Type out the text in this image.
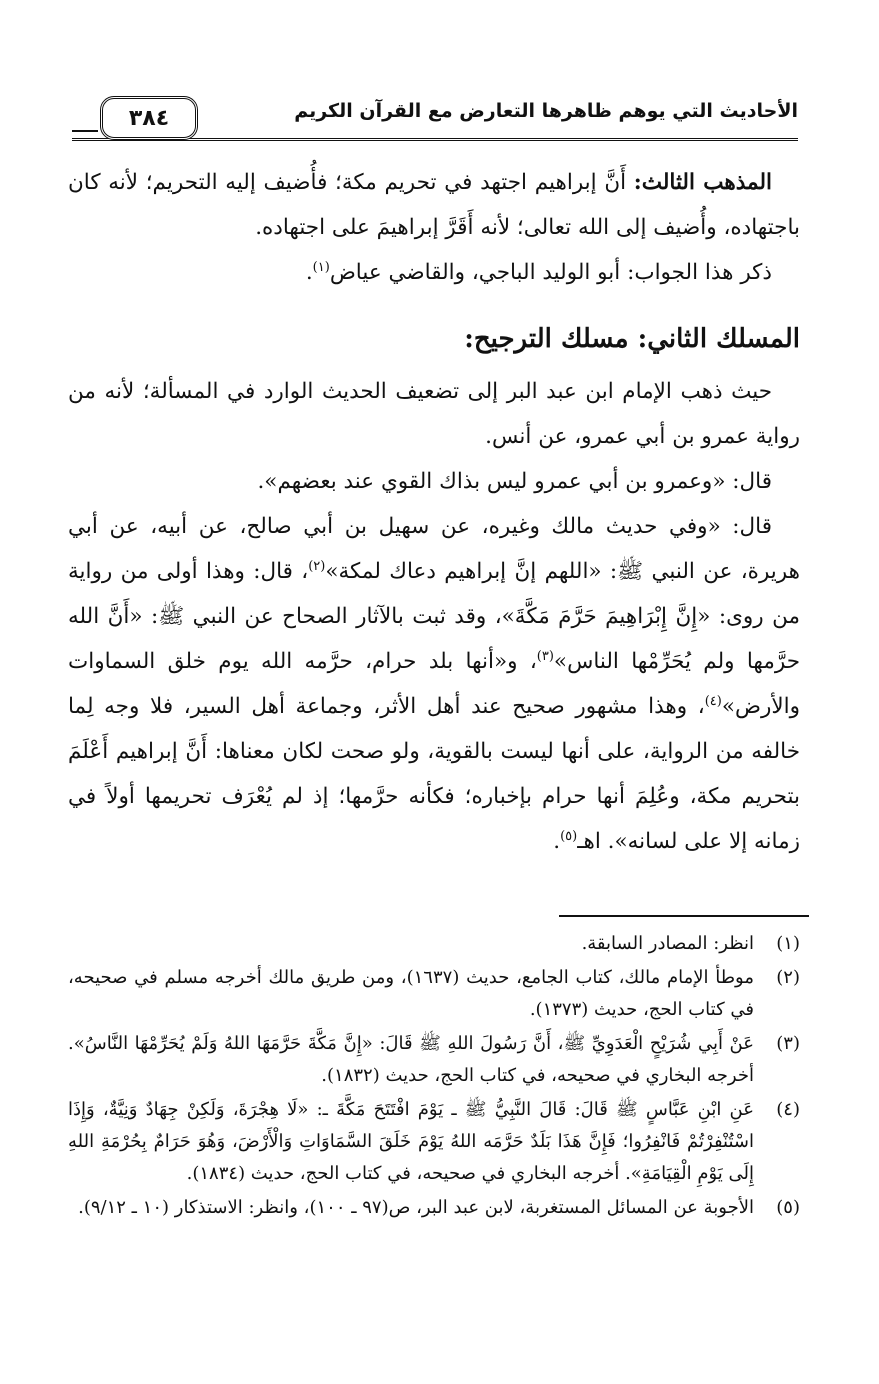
٣٨٤	الأحاديث التي يوهم ظاهرها التعارض مع القرآن الكريم

المذهب الثالث: أَنَّ إبراهيم اجتهد في تحريم مكة؛ فأُضيف إليه التحريم؛ لأنه كان باجتهاده، وأُضيف إلى الله تعالى؛ لأنه أَقَرَّ إبراهيمَ على اجتهاده.

ذكر هذا الجواب: أبو الوليد الباجي، والقاضي عياض$^{(١)}$.

المسلك الثاني: مسلك الترجيح:

حيث ذهب الإمام ابن عبد البر إلى تضعيف الحديث الوارد في المسألة؛ لأنه من رواية عمرو بن أبي عمرو، عن أنس.

قال: «وعمرو بن أبي عمرو ليس بذاك القوي عند بعضهم».

قال: «وفي حديث مالك وغيره، عن سهيل بن أبي صالح، عن أبيه، عن أبي هريرة، عن النبي ﷺ: «اللهم إنَّ إبراهيم دعاك لمكة»$^{(٢)}$، قال: وهذا أولى من رواية من روى: «إِنَّ إِبْرَاهِيمَ حَرَّمَ مَكَّةَ»، وقد ثبت بالآثار الصحاح عن النبي ﷺ: «أَنَّ الله حرَّمها ولم يُحَرِّمْها الناس»$^{(٣)}$، و«أنها بلد حرام، حرَّمه الله يوم خلق السماوات والأرض»$^{(٤)}$، وهذا مشهور صحيح عند أهل الأثر، وجماعة أهل السير، فلا وجه لِما خالفه من الرواية، على أنها ليست بالقوية، ولو صحت لكان معناها: أَنَّ إبراهيم أَعْلَمَ بتحريم مكة، وعُلِمَ أنها حرام بإخباره؛ فكأنه حرَّمها؛ إذ لم يُعْرَف تحريمها أولاً في زمانه إلا على لسانه». اهـ$^{(٥)}$.

(١)
انظر: المصادر السابقة.
(٢)
موطأ الإمام مالك، كتاب الجامع، حديث (١٦٣٧)، ومن طريق مالك أخرجه مسلم في صحيحه، في كتاب الحج، حديث (١٣٧٣).
(٣)
عَنْ أَبِي شُرَيْحٍ الْعَدَوِيِّ ﷺ، أَنَّ رَسُولَ اللهِ ﷺ قَالَ: «إِنَّ مَكَّةَ حَرَّمَهَا اللهُ وَلَمْ يُحَرِّمْهَا النَّاسُ». أخرجه البخاري في صحيحه، في كتاب الحج، حديث (١٨٣٢).
(٤)
عَنِ ابْنِ عَبَّاسٍ ﷺ قَالَ: قَالَ النَّبِيُّ ﷺ ـ يَوْمَ افْتَتَحَ مَكَّةَ ـ: «لَا هِجْرَةَ، وَلَكِنْ جِهَادٌ وَنِيَّةٌ، وَإِذَا اسْتُنْفِرْتُمْ فَانْفِرُوا؛ فَإِنَّ هَذَا بَلَدٌ حَرَّمَه اللهُ يَوْمَ خَلَقَ السَّمَاوَاتِ وَالْأَرْضَ، وَهُوَ حَرَامٌ بِحُرْمَةِ اللهِ إِلَى يَوْمِ الْقِيَامَةِ». أخرجه البخاري في صحيحه، في كتاب الحج، حديث (١٨٣٤).
(٥)
الأجوبة عن المسائل المستغربة، لابن عبد البر، ص(٩٧ ـ ١٠٠)، وانظر: الاستذكار (١٠ ـ ٩/١٢).
